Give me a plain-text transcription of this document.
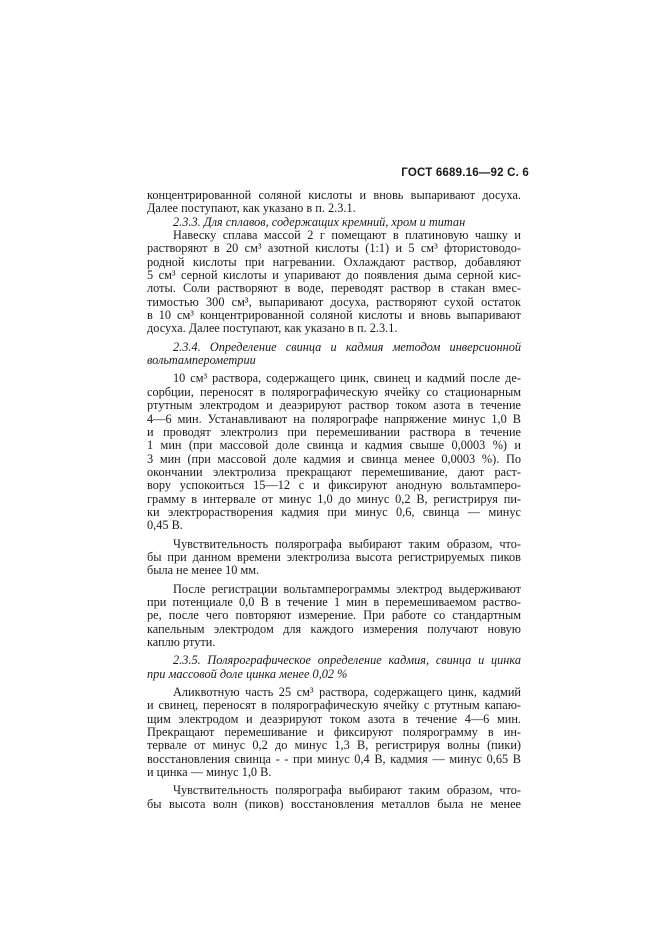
ГОСТ 6689.16—92 С. 6
концентрированной соляной кислоты и вновь выпаривают досуха.
Далее поступают, как указано в п. 2.3.1.
2.3.3. Для сплавов, содержащих кремний, хром и титан
Навеску сплава массой 2 г помещают в платиновую чашку и
растворяют в 20 см³ азотной кислоты (1:1) и 5 см³ фтористоводо-
родной кислоты при нагревании. Охлаждают раствор, добавляют
5 см³ серной кислоты и упаривают до появления дыма серной кис-
лоты. Соли растворяют в воде, переводят раствор в стакан вмес-
тимостью 300 см³, выпаривают досуха, растворяют сухой остаток
в 10 см³ концентрированной соляной кислоты и вновь выпаривают
досуха. Далее поступают, как указано в п. 2.3.1.
2.3.4. Определение свинца и кадмия методом инверсионной
вольтамперометрии
10 см³ раствора, содержащего цинк, свинец и кадмий после де-
сорбции, переносят в полярографическую ячейку со стационарным
ртутным электродом и деаэрируют раствор током азота в течение
4—6 мин. Устанавливают на полярографе напряжение минус 1,0 В
и проводят электролиз при перемешивании раствора в течение
1 мин (при массовой доле свинца и кадмия свыше 0,0003 %) и
3 мин (при массовой доле кадмия и свинца менее 0,0003 %). По
окончании электролиза прекращают перемешивание, дают раст-
вору успокоиться 15—12 с и фиксируют анодную вольтамперо-
грамму в интервале от минус 1,0 до минус 0,2 В, регистрируя пи-
ки электрорастворения кадмия при минус 0,6, свинца — минус
0,45 В.
Чувствительность полярографа выбирают таким образом, что-
бы при данном времени электролиза высота регистрируемых пиков
была не менее 10 мм.
После регистрации вольтамперограммы электрод выдерживают
при потенциале 0,0 В в течение 1 мин в перемешиваемом раство-
ре, после чего повторяют измерение. При работе со стандартным
капельным электродом для каждого измерения получают новую
каплю ртути.
2.3.5. Полярографическое определение кадмия, свинца и цинка
при массовой доле цинка менее 0,02 %
Аликвотную часть 25 см³ раствора, содержащего цинк, кадмий
и свинец, переносят в полярографическую ячейку с ртутным капаю-
щим электродом и деаэрируют током азота в течение 4—6 мин.
Прекращают перемешивание и фиксируют полярограмму в ин-
тервале от минус 0,2 до минус 1,3 В, регистрируя волны (пики)
восстановления свинца - - при минус 0,4 В, кадмия — минус 0,65 В
и цинка — минус 1,0 В.
Чувствительность полярографа выбирают таким образом, что-
бы высота волн (пиков) восстановления металлов была не менее
